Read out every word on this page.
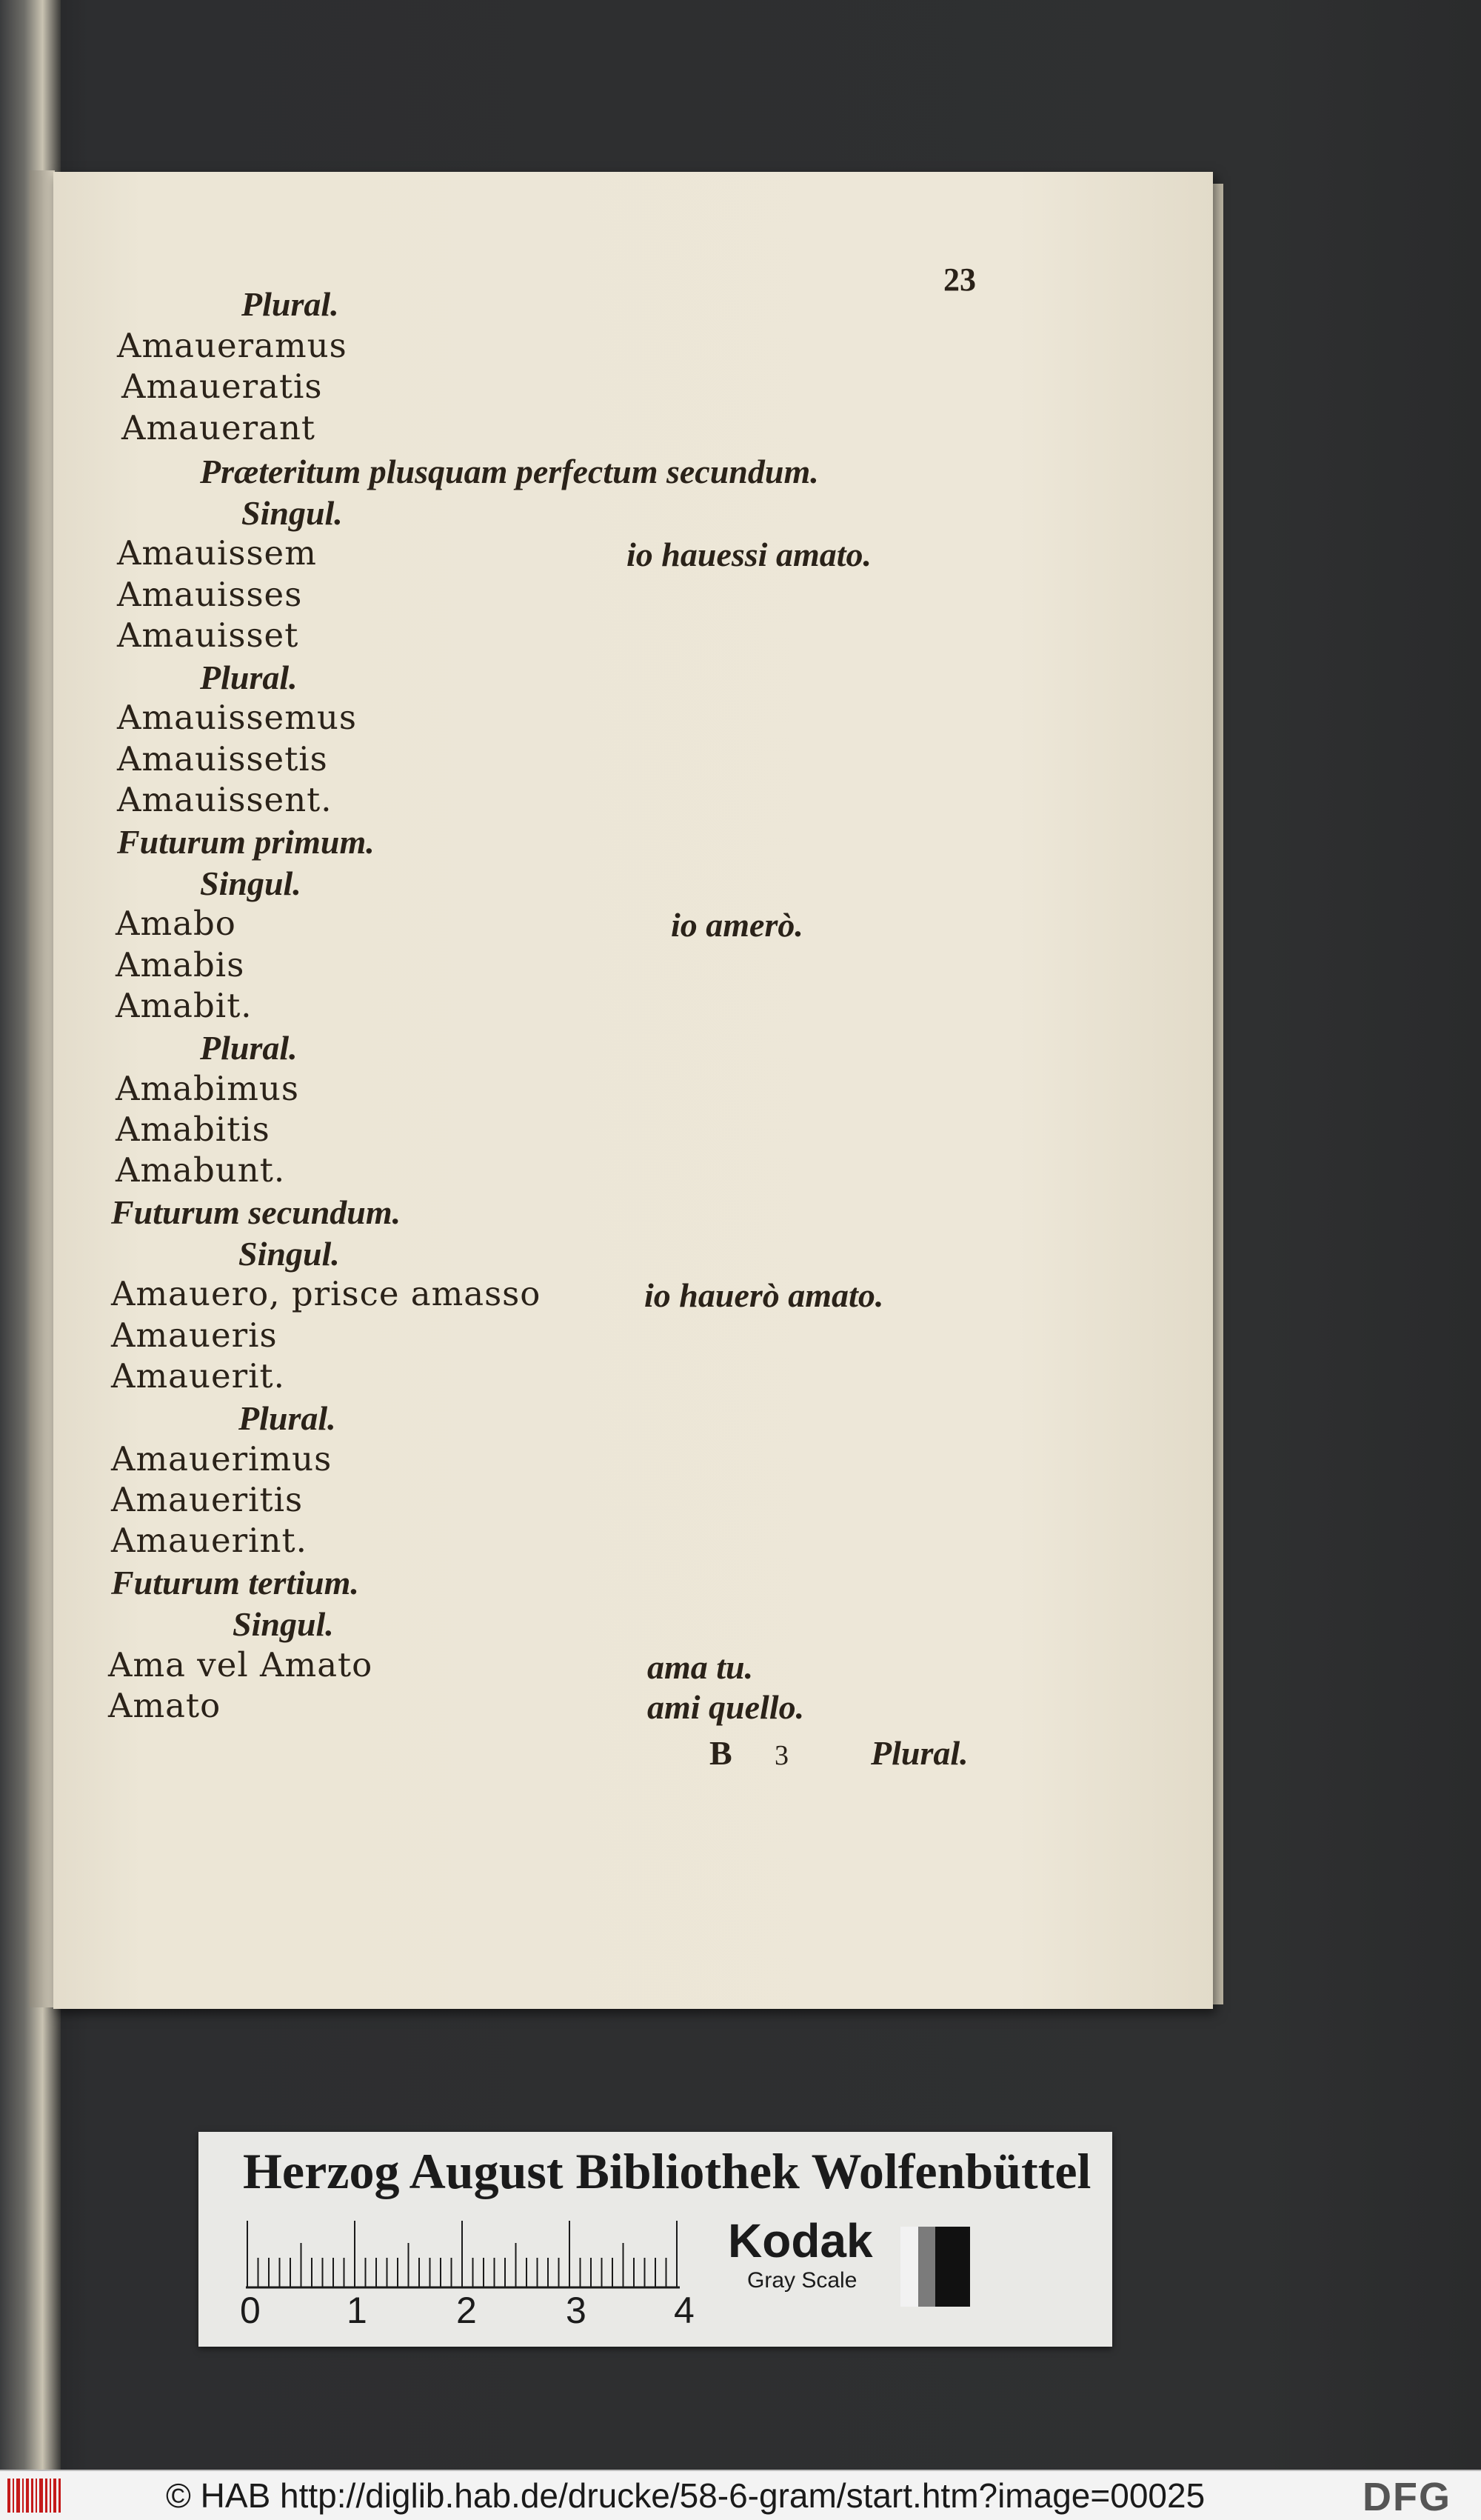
Plural.
Amaueramus
Amaueratis
Amauerant
Præteritum plusquam perfectum secundum.
Singul.
Amauissem
Amauisses
Amauisset
Plural.
Amauissemus
Amauissetis
Amauissent.
Futurum primum.
Singul.
Amabo
Amabis
Amabit.
Plural.
Amabimus
Amabitis
Amabunt.
Futurum secundum.
Singul.
Amauero, prisce amasso
Amaueris
Amauerit.
Plural.
Amauerimus
Amaueritis
Amauerint.
Futurum tertium.
Singul.
Ama vel Amato
Amato
io hauessi amato.
io amerò.
io hauerò amato.
ama tu.
ami quello.
23
B 3 Plural.
Herzog August Bibliothek Wolfenbüttel
0 1 2 3 4
Kodak
Gray Scale
© HAB http://diglib.hab.de/drucke/58-6-gram/start.htm?image=00025	DFG
